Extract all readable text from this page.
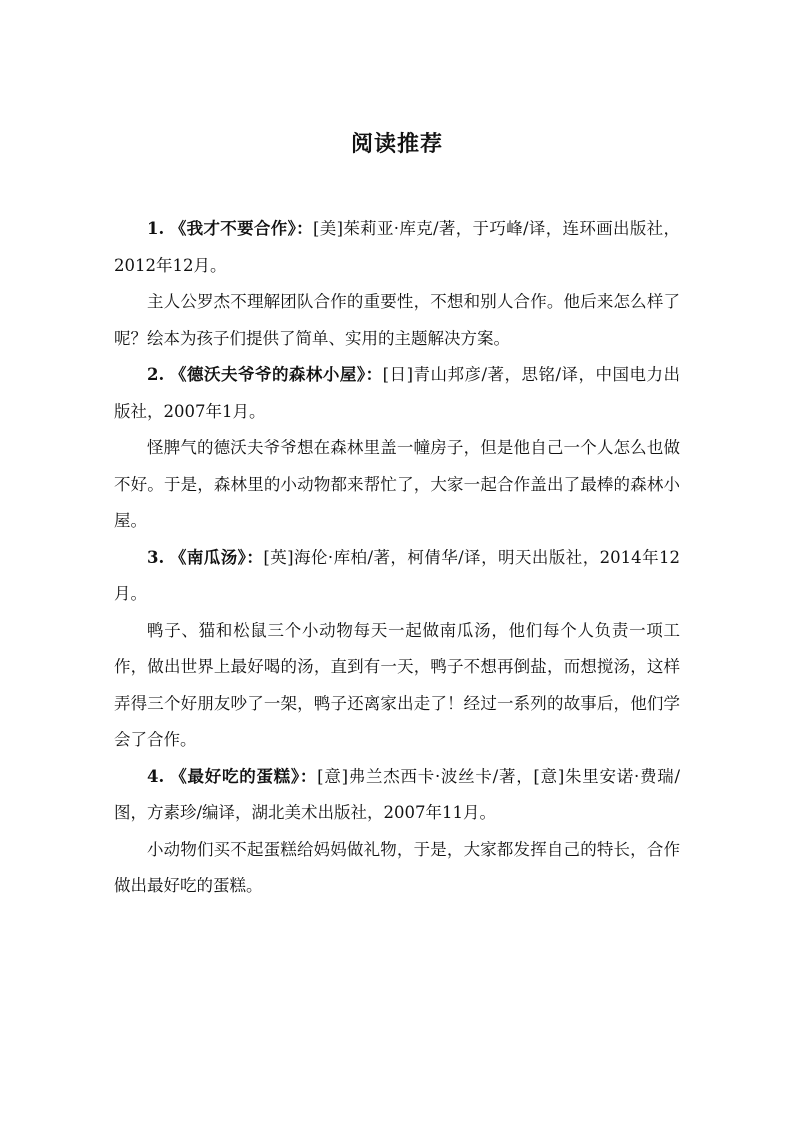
阅读推荐

1. 《我才不要合作》：[美]茱莉亚·库克/著，于巧峰/译，连环画出版社，2012年12月。

主人公罗杰不理解团队合作的重要性，不想和别人合作。他后来怎么样了呢？绘本为孩子们提供了简单、实用的主题解决方案。

2. 《德沃夫爷爷的森林小屋》：[日]青山邦彦/著，思铭/译，中国电力出版社，2007年1月。

怪脾气的德沃夫爷爷想在森林里盖一幢房子，但是他自己一个人怎么也做不好。于是，森林里的小动物都来帮忙了，大家一起合作盖出了最棒的森林小屋。

3. 《南瓜汤》：[英]海伦·库柏/著，柯倩华/译，明天出版社，2014年12月。

鸭子、猫和松鼠三个小动物每天一起做南瓜汤，他们每个人负责一项工作，做出世界上最好喝的汤，直到有一天，鸭子不想再倒盐，而想搅汤，这样弄得三个好朋友吵了一架，鸭子还离家出走了！经过一系列的故事后，他们学会了合作。

4. 《最好吃的蛋糕》：[意]弗兰杰西卡·波丝卡/著，[意]朱里安诺·费瑞/图，方素珍/编译，湖北美术出版社，2007年11月。

小动物们买不起蛋糕给妈妈做礼物，于是，大家都发挥自己的特长，合作做出最好吃的蛋糕。
